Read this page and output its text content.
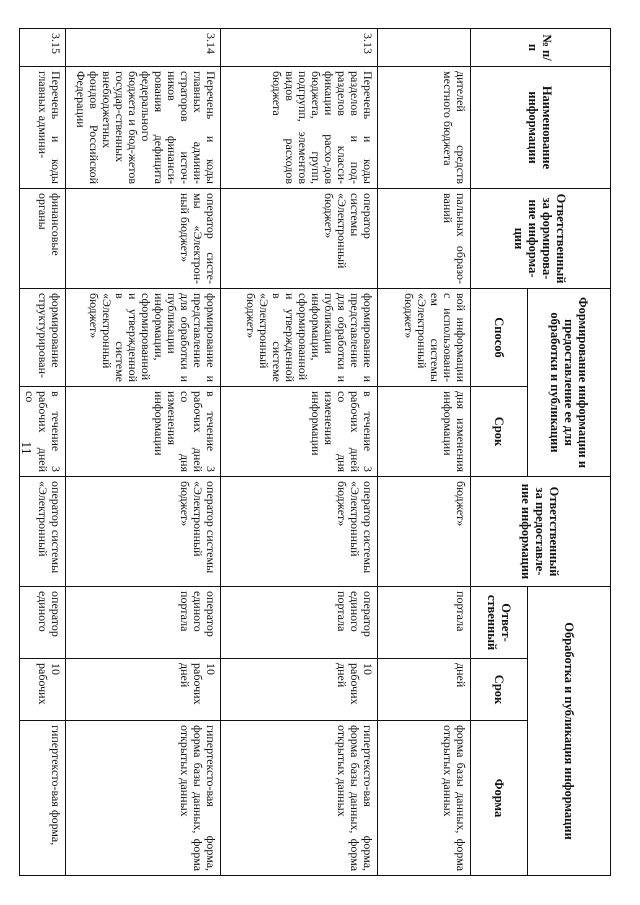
11
№ п/п	Наименование информации	Ответственный за формирова-ние информа-ции	Формирование информации и предоставление ее для обработки и публикации		Ответственный за предоставле-ние информации	Обработка и публикация информации		
			Способ	Срок		Ответ-ственный	Срок	Форма
	дителей средств местного бюджета	пальных образо-ваний	вой информации с использовани-ем системы «Электронный бюджет»	дня изменения информации	бюджет»	портала	дней	форма базы данных, форма открытых данных
3.13	Перечень и коды разделов и под-разделов класси-фикации расхо-дов бюджета, групп, подгрупп, элементов видов расходов бюджета	оператор системы «Электронный бюджет»	формирование и представление для обработки и публикации информации, сформированной и утвержденной в системе «Электронный бюджет»	в течение 3 рабочих дней со дня изменения информации	оператор системы «Электронный бюджет»	оператор единого портала	10 рабочих дней	гипертексто-вая форма, форма базы данных, форма открытых данных
3.14	Перечень и коды главных админи-страторов источ-ников финанси-рования дефицита федерального бюджета и бюд-жетов государ-ственных внебюджетных фондов Российской Федерации	оператор систе-мы «Электрон-ный бюджет»	формирование и представление для обработки и публикации информации, сформированной и утвержденной в системе «Электронный бюджет»	в течение 3 рабочих дней со дня изменения информации	оператор системы «Электронный бюджет»	оператор единого портала	10 рабочих дней	гипертексто-вая форма, форма базы данных, форма открытых данных
3.15	Перечень и коды главных админи-	финансовые органы	формирование структурирован-	в течение 3 рабочих дней со	оператор системы «Электронный	оператор единого	10 рабочих	гипертексто-вая форма,
